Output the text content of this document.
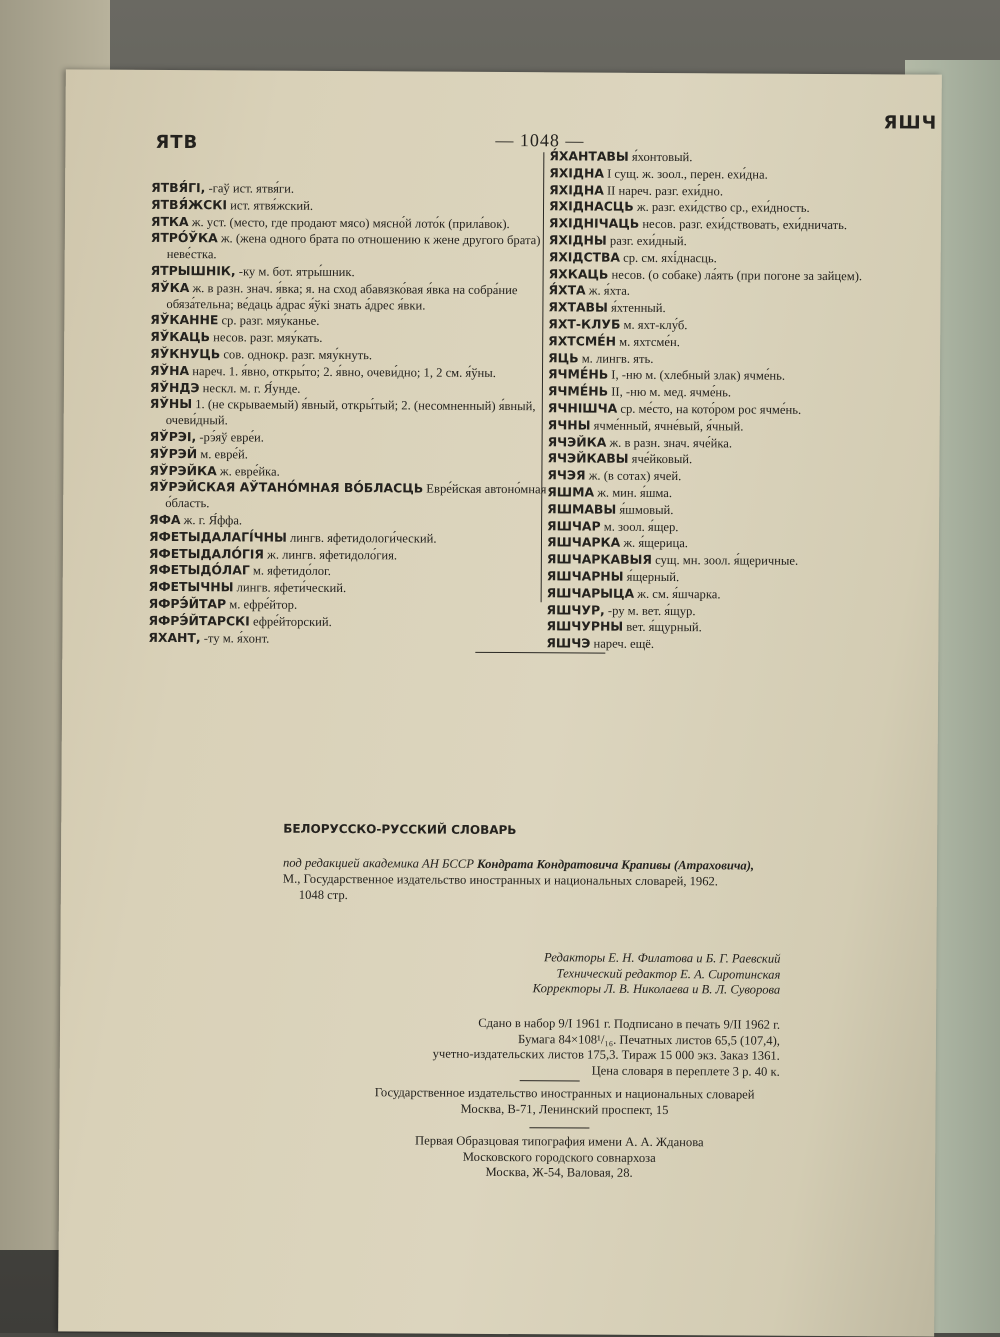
ЯТВ	— 1048 —
ЯШЧ

ЯТВЯ́ГІ, -гаў ист. ятвя́ги.

ЯТВЯ́ЖСКІ ист. ятвя́жский.

ЯТКА ж. уст. (место, где продают мясо) мясно́й лото́к (прила́вок).

ЯТРО́ЎКА ж. (жена одного брата по отношению к жене другого брата) неве́стка.

ЯТРЫШНІК, -ку м. бот. ятры́шник.

ЯЎКА ж. в разн. знач. я́вка; я. на сход абавязко́вая я́вка на собра́ние обяза́тельна; ве́даць а́драс я́ўкі знать а́дрес я́вки.

ЯЎКАННЕ ср. разг. мяу́канье.

ЯЎКАЦЬ несов. разг. мяу́кать.

ЯЎКНУЦЬ сов. однокр. разг. мяу́кнуть.

ЯЎНА нареч. 1. я́вно, откры́то; 2. я́вно, очеви́дно; 1, 2 см. я́ўны.

ЯЎНДЭ нескл. м. г. Я́унде.

ЯЎНЫ 1. (не скрываемый) я́вный, откры́тый; 2. (несомненный) я́вный, очеви́дный.

ЯЎРЭІ, -рэ́яў евре́и.

ЯЎРЭЙ м. евре́й.

ЯЎРЭЙКА ж. евре́йка.

ЯЎРЭЙСКАЯ АЎТАНО́МНАЯ ВО́БЛАСЦЬ Евре́йская автоно́мная о́бласть.

ЯФА ж. г. Я́ффа.

ЯФЕТЫДАЛАГІ́ЧНЫ лингв. яфетидологи́ческий.

ЯФЕТЫДАЛО́ГІЯ ж. лингв. яфетидоло́гия.

ЯФЕТЫДО́ЛАГ м. яфетидо́лог.

ЯФЕТЫЧНЫ лингв. яфети́ческий.

ЯФРЭ́ЙТАР м. ефре́йтор.

ЯФРЭ́ЙТАРСКІ ефре́йторский.

ЯХАНТ, -ту м. я́хонт.

Я́ХАНТАВЫ я́хонтовый.

ЯХІДНА I сущ. ж. зоол., перен. ехи́дна.

ЯХІДНА II нареч. разг. ехи́дно.

ЯХІДНАСЦЬ ж. разг. ехи́дство ср., ехи́дность.

ЯХІДНІЧАЦЬ несов. разг. ехи́дствовать, ехи́дничать.

ЯХІДНЫ разг. ехи́дный.

ЯХІДСТВА ср. см. яхі́днасць.

ЯХКАЦЬ несов. (о собаке) ла́ять (при погоне за зайцем).

Я́ХТА ж. я́хта.

ЯХТАВЫ я́хтенный.

ЯХТ-КЛУБ м. яхт-клу́б.

ЯХТСМЕ́Н м. яхтсме́н.

ЯЦЬ м. лингв. ять.

ЯЧМЕ́НЬ I, -ню м. (хлебный злак) ячме́нь.

ЯЧМЕ́НЬ II, -ню м. мед. ячме́нь.

ЯЧНІШЧА ср. ме́сто, на кото́ром рос ячме́нь.

ЯЧНЫ ячме́нный, ячне́вый, я́чный.

ЯЧЭЙКА ж. в разн. знач. яче́йка.

ЯЧЭЙКАВЫ яче́йковый.

ЯЧЭЯ ж. (в сотах) ячей.

ЯШМА ж. мин. я́шма.

ЯШМАВЫ я́шмовый.

ЯШЧАР м. зоол. я́щер.

ЯШЧАРКА ж. я́щерица.

ЯШЧАРКАВЫЯ сущ. мн. зоол. я́щеричные.

ЯШЧАРНЫ я́щерный.

ЯШЧАРЫЦА ж. см. я́шчарка.

ЯШЧУР, -ру м. вет. я́щур.

ЯШЧУРНЫ вет. я́щурный.

ЯШЧЭ нареч. ещё.

БЕЛОРУССКО-РУССКИЙ СЛОВАРЬ
под редакцией академика АН БССР Кондрата Кондратовича Крапивы (Атраховича),
М., Государственное издательство иностранных и национальных словарей, 1962.
1048 стр.
Редакторы Е. Н. Филатова и Б. Г. Раевский
Технический редактор Е. А. Сиротинская
Корректоры Л. В. Николаева и В. Л. Суворова
Сдано в набор 9/I 1961 г. Подписано в печать 9/II 1962 г.
Бумага 84×108¹/₁₆. Печатных листов 65,5 (107,4),
учетно-издательских листов 175,3. Тираж 15 000 экз. Заказ 1361.
Цена словаря в переплете 3 р. 40 к.
Государственное издательство иностранных и национальных словарей
Москва, В-71, Ленинский проспект, 15
Первая Образцовая типография имени А. А. Жданова
Московского городского совнархоза
Москва, Ж-54, Валовая, 28.
